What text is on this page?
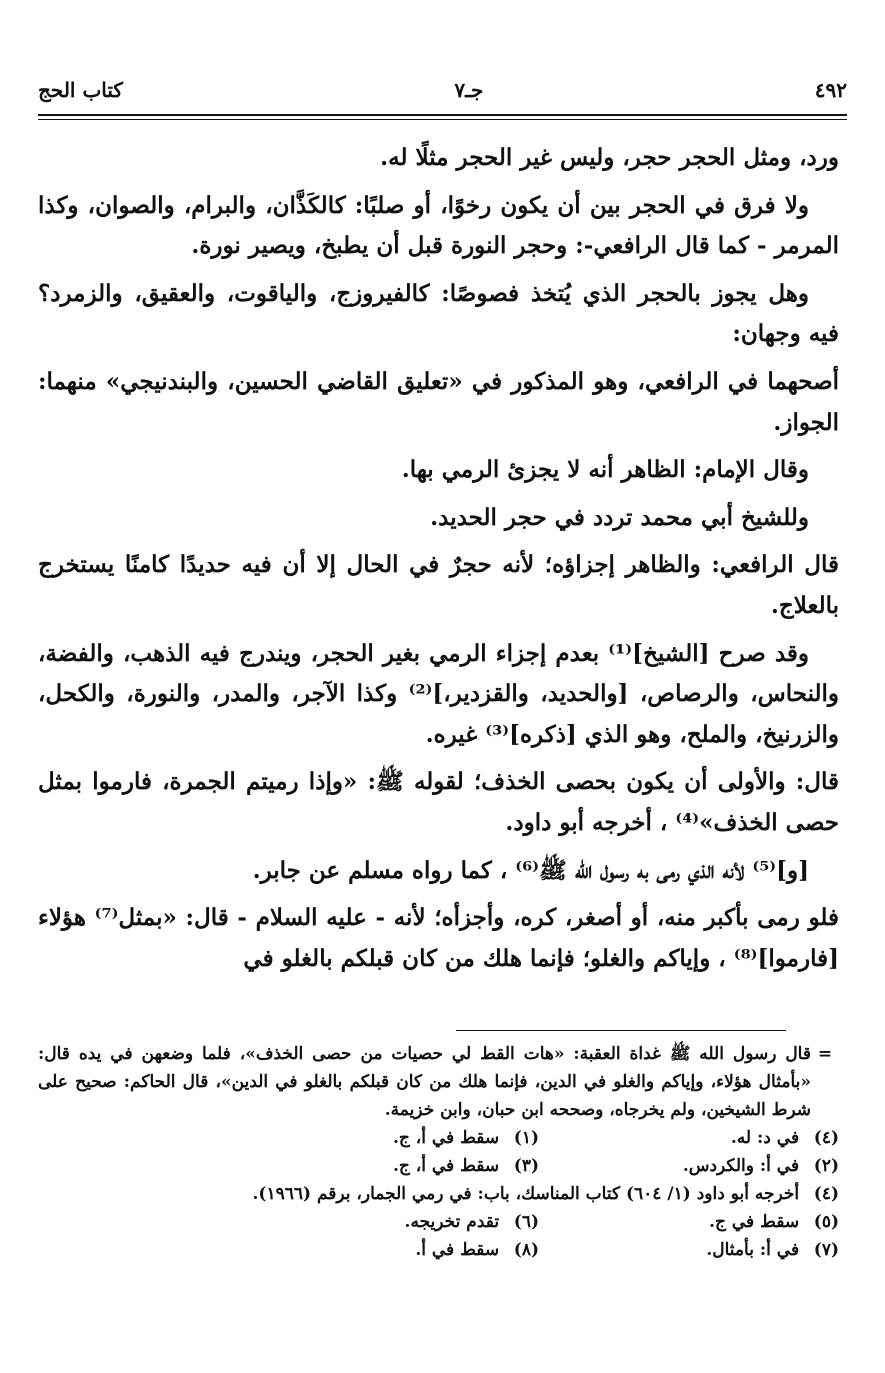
٤٩٢
جـ٧
كتاب الحج

ورد، ومثل الحجر حجر، وليس غير الحجر مثلًا له.

ولا فرق في الحجر بين أن يكون رخوًا، أو صلبًا: كالكَذَّان، والبرام، والصوان، وكذا المرمر - كما قال الرافعي-: وحجر النورة قبل أن يطبخ، ويصير نورة.

وهل يجوز بالحجر الذي يُتخذ فصوصًا: كالفيروزج، والياقوت، والعقيق، والزمرد؟ فيه وجهان:

أصحهما في الرافعي، وهو المذكور في «تعليق القاضي الحسين، والبندنيجي» منهما: الجواز.

وقال الإمام: الظاهر أنه لا يجزئ الرمي بها.

وللشيخ أبي محمد تردد في حجر الحديد.

قال الرافعي: والظاهر إجزاؤه؛ لأنه حجرٌ في الحال إلا أن فيه حديدًا كامنًا يستخرج بالعلاج.

وقد صرح [الشيخ]⁽¹⁾ بعدم إجزاء الرمي بغير الحجر، ويندرج فيه الذهب، والفضة، والنحاس، والرصاص، [والحديد، والقزدير،]⁽²⁾ وكذا الآجر، والمدر، والنورة، والكحل، والزرنيخ، والملح، وهو الذي [ذكره]⁽³⁾ غيره.

قال: والأولى أن يكون بحصى الخذف؛ لقوله ﷺ: «وإذا رميتم الجمرة، فارموا بمثل حصى الخذف»⁽⁴⁾ ، أخرجه أبو داود.

[و]⁽⁵⁾ لأنه الذي رمى به رسول الله ﷺ⁽⁶⁾ ، كما رواه مسلم عن جابر.

فلو رمى بأكبر منه، أو أصغر، كره، وأجزأه؛ لأنه - عليه السلام - قال: «بمثل⁽⁷⁾ هؤلاء [فارموا]⁽⁸⁾ ، وإياكم والغلو؛ فإنما هلك من كان قبلكم بالغلو في

=
قال رسول الله ﷺ غداة العقبة: «هات القط لي حصيات من حصى الخذف»، فلما وضعهن في يده قال: «بأمثال هؤلاء، وإياكم والغلو في الدين، فإنما هلك من كان قبلكم بالغلو في الدين»، قال الحاكم: صحيح على شرط الشيخين، ولم يخرجاه، وصححه ابن حبان، وابن خزيمة.
(٤) في د: له.
(١) سقط في أ، ج.
(٢) في أ: والكردس.
(٣) سقط في أ، ج.
(٤) أخرجه أبو داود (١/ ٦٠٤) كتاب المناسك، باب: في رمي الجمار، برقم (١٩٦٦).
(٥) سقط في ج.
(٦) تقدم تخريجه.
(٧) في أ: بأمثال.
(٨) سقط في أ.
